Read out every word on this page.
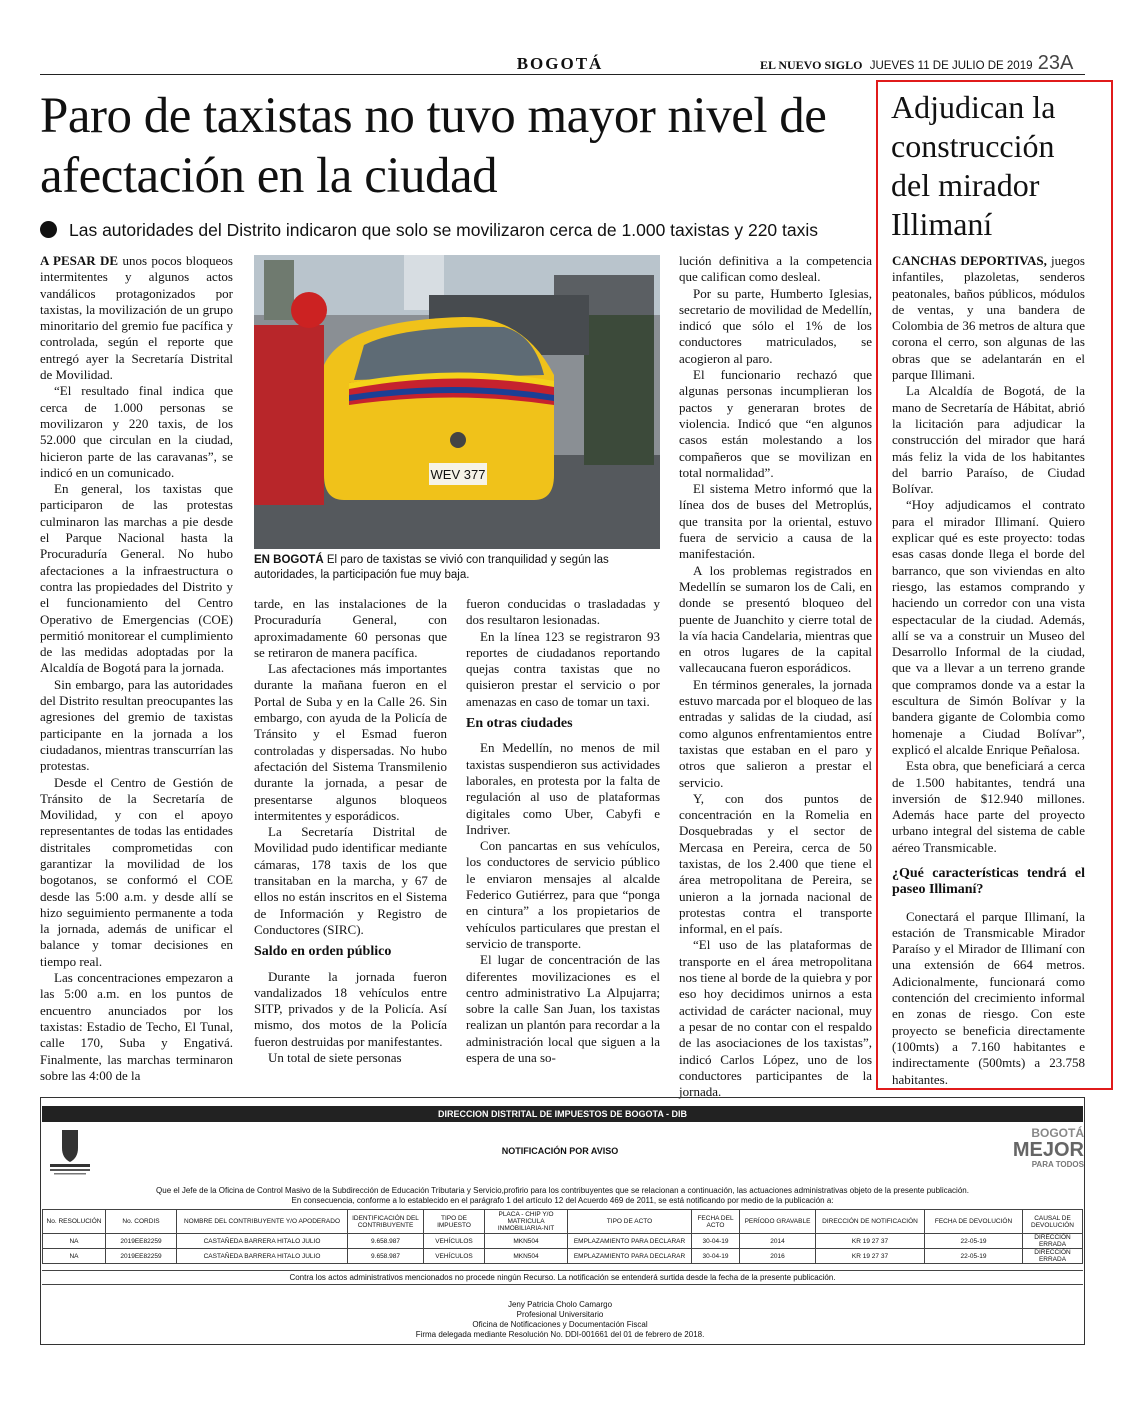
BOGOTÁ	EL NUEVO SIGLO JUEVES 11 DE JULIO DE 2019 23A
Paro de taxistas no tuvo mayor nivel de afectación en la ciudad
Las autoridades del Distrito indicaron que solo se movilizaron cerca de 1.000 taxistas y 220 taxis

A PESAR DE unos pocos bloqueos intermitentes y algunos actos vandálicos protagonizados por taxistas, la movilización de un grupo minoritario del gremio fue pacífica y controlada, según el reporte que entregó ayer la Secretaría Distrital de Movilidad.

“El resultado final indica que cerca de 1.000 personas se movilizaron y 220 taxis, de los 52.000 que circulan en la ciudad, hicieron parte de las caravanas”, se indicó en un comunicado.

En general, los taxistas que participaron de las protestas culminaron las marchas a pie desde el Parque Nacional hasta la Procuraduría General. No hubo afectaciones a la infraestructura o contra las propiedades del Distrito y el funcionamiento del Centro Operativo de Emergencias (COE) permitió monitorear el cumplimiento de las medidas adoptadas por la Alcaldía de Bogotá para la jornada.

Sin embargo, para las autoridades del Distrito resultan preocupantes las agresiones del gremio de taxistas participante en la jornada a los ciudadanos, mientras transcurrían las protestas.

Desde el Centro de Gestión de Tránsito de la Secretaría de Movilidad, y con el apoyo representantes de todas las entidades distritales comprometidas con garantizar la movilidad de los bogotanos, se conformó el COE desde las 5:00 a.m. y desde allí se hizo seguimiento permanente a toda la jornada, además de unificar el balance y tomar decisiones en tiempo real.

Las concentraciones empezaron a las 5:00 a.m. en los puntos de encuentro anunciados por los taxistas: Estadio de Techo, El Tunal, calle 170, Suba y Engativá. Finalmente, las marchas terminaron sobre las 4:00 de la

WEV 377
EN BOGOTÁ El paro de taxistas se vivió con tranquilidad y según las autoridades, la participación fue muy baja.

tarde, en las instalaciones de la Procuraduría General, con aproximadamente 60 personas que se retiraron de manera pacífica.

Las afectaciones más importantes durante la mañana fueron en el Portal de Suba y en la Calle 26. Sin embargo, con ayuda de la Policía de Tránsito y el Esmad fueron controladas y dispersadas. No hubo afectación del Sistema Transmilenio durante la jornada, a pesar de presentarse algunos bloqueos intermitentes y esporádicos.

La Secretaría Distrital de Movilidad pudo identificar mediante cámaras, 178 taxis de los que transitaban en la marcha, y 67 de ellos no están inscritos en el Sistema de Información y Registro de Conductores (SIRC).

Saldo en orden público

Durante la jornada fueron vandalizados 18 vehículos entre SITP, privados y de la Policía. Así mismo, dos motos de la Policía fueron destruidas por manifestantes.

Un total de siete personas

fueron conducidas o trasladadas y dos resultaron lesionadas.

En la línea 123 se registraron 93 reportes de ciudadanos reportando quejas contra taxistas que no quisieron prestar el servicio o por amenazas en caso de tomar un taxi.

En otras ciudades

En Medellín, no menos de mil taxistas suspendieron sus actividades laborales, en protesta por la falta de regulación al uso de plataformas digitales como Uber, Cabyfi e Indriver.

Con pancartas en sus vehículos, los conductores de servicio público le enviaron mensajes al alcalde Federico Gutiérrez, para que “ponga en cintura” a los propietarios de vehículos particulares que prestan el servicio de transporte.

El lugar de concentración de las diferentes movilizaciones es el centro administrativo La Alpujarra; sobre la calle San Juan, los taxistas realizan un plantón para recordar a la administración local que siguen a la espera de una so-

lución definitiva a la competencia que califican como desleal.

Por su parte, Humberto Iglesias, secretario de movilidad de Medellín, indicó que sólo el 1% de los conductores matriculados, se acogieron al paro.

El funcionario rechazó que algunas personas incumplieran los pactos y generaran brotes de violencia. Indicó que “en algunos casos están molestando a los compañeros que se movilizan en total normalidad”.

El sistema Metro informó que la línea dos de buses del Metroplús, que transita por la oriental, estuvo fuera de servicio a causa de la manifestación.

A los problemas registrados en Medellín se sumaron los de Cali, en donde se presentó bloqueo del puente de Juanchito y cierre total de la vía hacia Candelaria, mientras que en otros lugares de la capital vallecaucana fueron esporádicos.

En términos generales, la jornada estuvo marcada por el bloqueo de las entradas y salidas de la ciudad, así como algunos enfrentamientos entre taxistas que estaban en el paro y otros que salieron a prestar el servicio.

Y, con dos puntos de concentración en la Romelia en Dosquebradas y el sector de Mercasa en Pereira, cerca de 50 taxistas, de los 2.400 que tiene el área metropolitana de Pereira, se unieron a la jornada nacional de protestas contra el transporte informal, en el país.

“El uso de las plataformas de transporte en el área metropolitana nos tiene al borde de la quiebra y por eso hoy decidimos unirnos a esta actividad de carácter nacional, muy a pesar de no contar con el respaldo de las asociaciones de los taxistas”, indicó Carlos López, uno de los conductores participantes de la jornada.

Adjudican la construcción del mirador Illimaní

CANCHAS DEPORTIVAS, juegos infantiles, plazoletas, senderos peatonales, baños públicos, módulos de ventas, y una bandera de Colombia de 36 metros de altura que corona el cerro, son algunas de las obras que se adelantarán en el parque Illimani.

La Alcaldía de Bogotá, de la mano de Secretaría de Hábitat, abrió la licitación para adjudicar la construcción del mirador que hará más feliz la vida de los habitantes del barrio Paraíso, de Ciudad Bolívar.

“Hoy adjudicamos el contrato para el mirador Illimaní. Quiero explicar qué es este proyecto: todas esas casas donde llega el borde del barranco, que son viviendas en alto riesgo, las estamos comprando y haciendo un corredor con una vista espectacular de la ciudad. Además, allí se va a construir un Museo del Desarrollo Informal de la ciudad, que va a llevar a un terreno grande que compramos donde va a estar la escultura de Simón Bolívar y la bandera gigante de Colombia como homenaje a Ciudad Bolívar”, explicó el alcalde Enrique Peñalosa.

Esta obra, que beneficiará a cerca de 1.500 habitantes, tendrá una inversión de $12.940 millones. Además hace parte del proyecto urbano integral del sistema de cable aéreo Transmicable.

¿Qué características tendrá el paseo Illimaní?

Conectará el parque Illimaní, la estación de Transmicable Mirador Paraíso y el Mirador de Illimaní con una extensión de 664 metros. Adicionalmente, funcionará como contención del crecimiento informal en zonas de riesgo. Con este proyecto se beneficia directamente (100mts) a 7.160 habitantes e indirectamente (500mts) a 23.758 habitantes.

DIRECCION DISTRITAL DE IMPUESTOS DE BOGOTA - DIB
NOTIFICACIÓN POR AVISO
BOGOTÁ
MEJOR
PARA TODOS
Que el Jefe de la Oficina de Control Masivo de la Subdirección de Educación Tributaria y Servicio,profirio para los contribuyentes que se relacionan a continuación, las actuaciones administrativas objeto de la presente publicación.
En consecuencia, conforme a lo establecido en el parágrafo 1 del artículo 12 del Acuerdo 469 de 2011, se está notificando por medio de la publicación a:
No. RESOLUCIÓN	No. CORDIS	NOMBRE DEL CONTRIBUYENTE Y/O APODERADO	IDENTIFICACIÓN DEL CONTRIBUYENTE	TIPO DE IMPUESTO	PLACA - CHIP Y/O MATRICULA INMOBILIARIA-NIT	TIPO DE ACTO	FECHA DEL ACTO	PERÍODO GRAVABLE	DIRECCIÓN DE NOTIFICACIÓN	FECHA DE DEVOLUCIÓN	CAUSAL DE DEVOLUCIÓN
NA	2019EE82259	CASTAÑEDA BARRERA HITALO JULIO	9.658.987	VEHÍCULOS	MKN504	EMPLAZAMIENTO PARA DECLARAR	30-04-19	2014	KR 19 27 37	22-05-19	DIRECCIÓN ERRADA
NA	2019EE82259	CASTAÑEDA BARRERA HITALO JULIO	9.658.987	VEHÍCULOS	MKN504	EMPLAZAMIENTO PARA DECLARAR	30-04-19	2016	KR 19 27 37	22-05-19	DIRECCIÓN ERRADA
Contra los actos administrativos mencionados no procede ningún Recurso. La notificación se entenderá surtida desde la fecha de la presente publicación.
Jeny Patricia Cholo Camargo
Profesional Universitario
Oficina de Notificaciones y Documentación Fiscal
Firma delegada mediante Resolución No. DDI-001661 del 01 de febrero de 2018.
